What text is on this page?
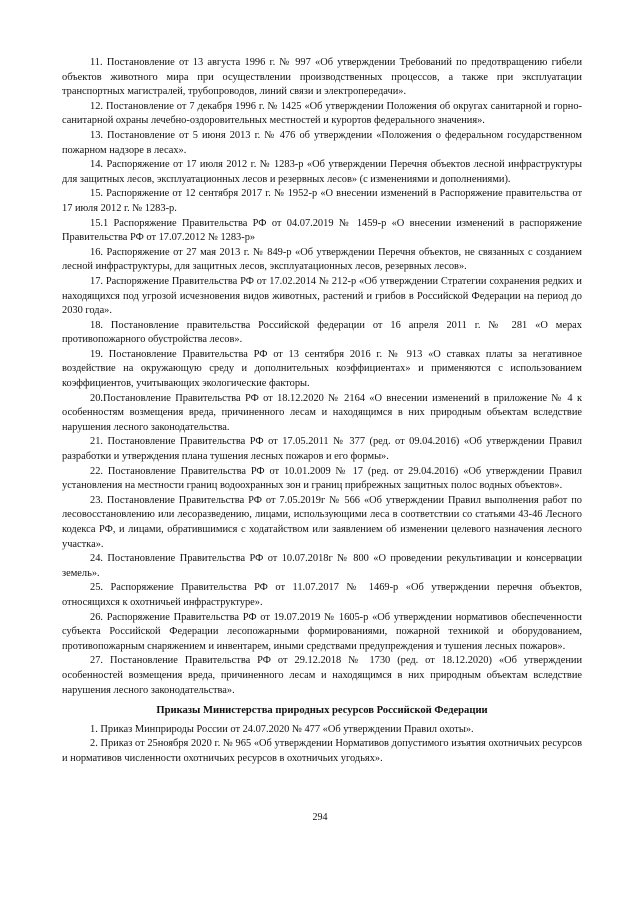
11. Постановление от 13 августа 1996 г. № 997 «Об утверждении Требований по предотвращению гибели объектов животного мира при осуществлении производственных процессов, а также при эксплуатации транспортных магистралей, трубопроводов, линий связи и электропередачи».

12. Постановление от 7 декабря 1996 г. № 1425 «Об утверждении Положения об округах санитарной и горно-санитарной охраны лечебно-оздоровительных местностей и курортов федерального значения».

13. Постановление от 5 июня 2013 г. № 476 об утверждении «Положения о федеральном государственном пожарном надзоре в лесах».

14. Распоряжение от 17 июля 2012 г. № 1283-р «Об утверждении Перечня объектов лесной инфраструктуры для защитных лесов, эксплуатационных лесов и резервных лесов» (с изменениями и дополнениями).

15. Распоряжение от 12 сентября 2017 г. № 1952-р «О внесении изменений в Распоряжение правительства от 17 июля 2012 г. № 1283-р.

15.1 Распоряжение Правительства РФ от 04.07.2019 № 1459-р «О внесении изменений в распоряжение Правительства РФ от 17.07.2012 № 1283-р»

16. Распоряжение от 27 мая 2013 г. № 849-р «Об утверждении Перечня объектов, не связанных с созданием лесной инфраструктуры, для защитных лесов, эксплуатационных лесов, резервных лесов».

17. Распоряжение Правительства РФ от 17.02.2014 № 212-р «Об утверждении Стратегии сохранения редких и находящихся под угрозой исчезновения видов животных, растений и грибов в Российской Федерации на период до 2030 года».

18. Постановление правительства Российской федерации от 16 апреля 2011 г. № 281 «О мерах противопожарного обустройства лесов».

19. Постановление Правительства РФ от 13 сентября 2016 г. № 913 «О ставках платы за негативное воздействие на окружающую среду и дополнительных коэффициентах» и применяются с использованием коэффициентов, учитывающих экологические факторы.

20.Постановление Правительства РФ от 18.12.2020 № 2164 «О внесении изменений в приложение № 4 к особенностям возмещения вреда, причиненного лесам и находящимся в них природным объектам вследствие нарушения лесного законодательства.

21. Постановление Правительства РФ от 17.05.2011 № 377 (ред. от 09.04.2016) «Об утверждении Правил разработки и утверждения плана тушения лесных пожаров и его формы».

22. Постановление Правительства РФ от 10.01.2009 № 17 (ред. от 29.04.2016) «Об утверждении Правил установления на местности границ водоохранных зон и границ прибрежных защитных полос водных объектов».

23. Постановление Правительства РФ от 7.05.2019г № 566 «Об утверждении Правил выполнения работ по лесовосстановлению или лесоразведению, лицами, использующими леса в соответствии со статьями 43-46 Лесного кодекса РФ, и лицами, обратившимися с ходатайством или заявлением об изменении целевого назначения лесного участка».

24. Постановление Правительства РФ от 10.07.2018г № 800 «О проведении рекультивации и консервации земель».

25. Распоряжение Правительства РФ от 11.07.2017 № 1469-р «Об утверждении перечня объектов, относящихся к охотничьей инфраструктуре».

26. Распоряжение Правительства РФ от 19.07.2019 № 1605-р «Об утверждении нормативов обеспеченности субъекта Российской Федерации лесопожарными формированиями, пожарной техникой и оборудованием, противопожарным снаряжением и инвентарем, иными средствами предупреждения и тушения лесных пожаров».

27. Постановление Правительства РФ от 29.12.2018 № 1730 (ред. от 18.12.2020) «Об утверждении особенностей возмещения вреда, причиненного лесам и находящимся в них природным объектам вследствие нарушения лесного законодательства».

Приказы Министерства природных ресурсов Российской Федерации

1. Приказ Минприроды России от 24.07.2020 № 477 «Об утверждении Правил охоты».

2. Приказ от 25ноября 2020 г. № 965 «Об утверждении Нормативов допустимого изъятия охотничьих ресурсов и нормативов численности охотничьих ресурсов в охотничьих угодьях».

294
